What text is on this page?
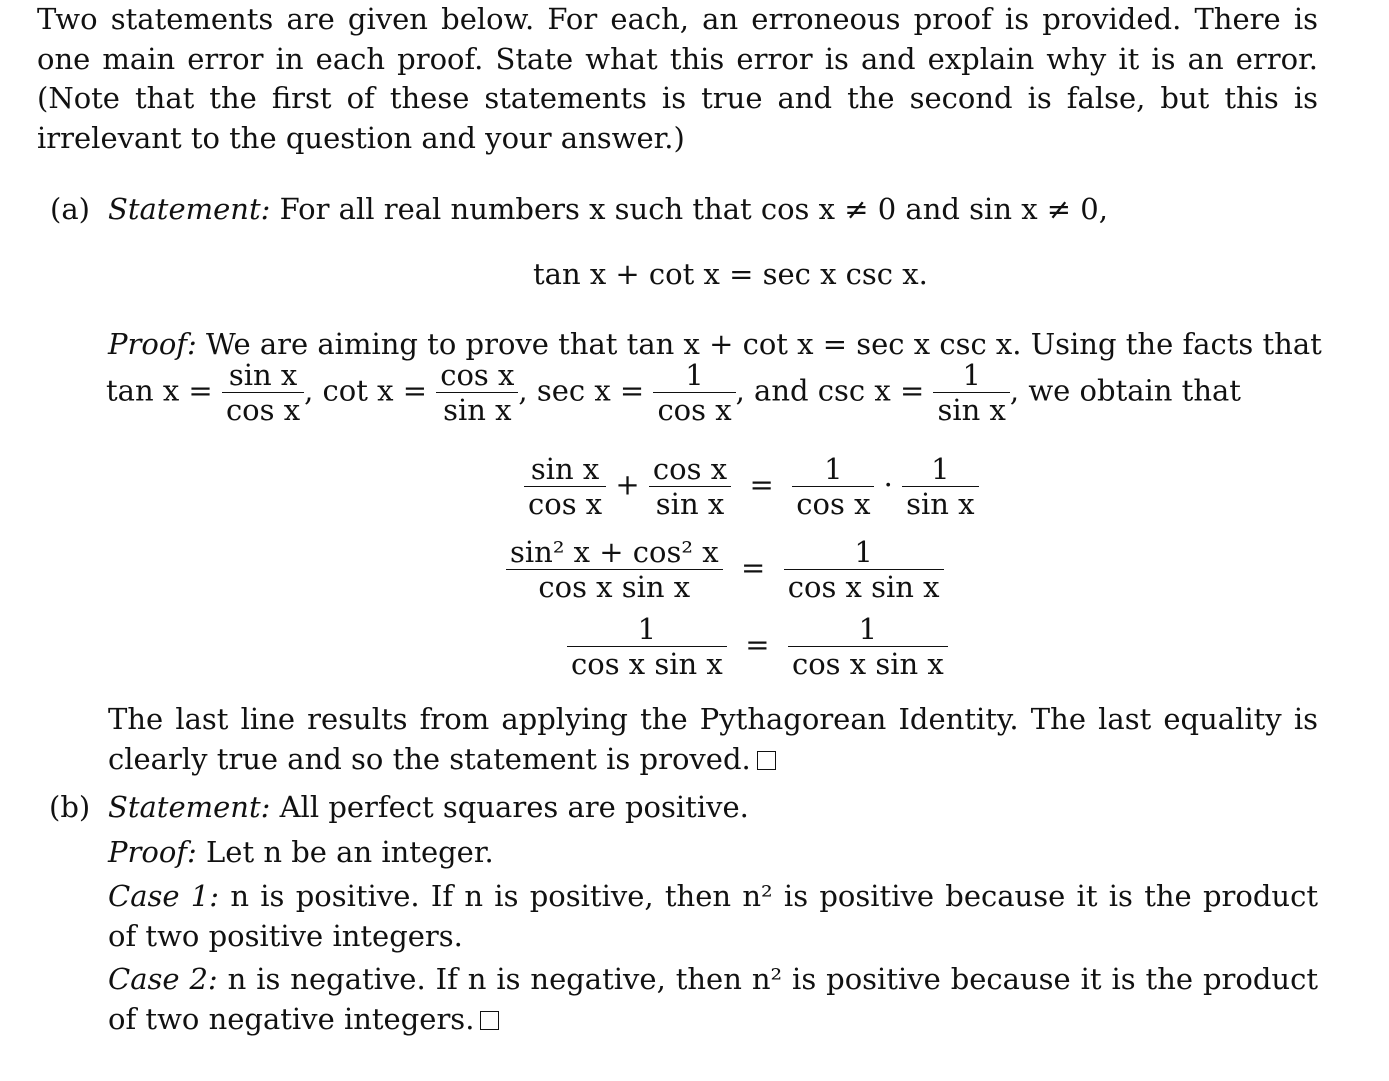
Two statements are given below. For each, an erroneous proof is provided. There is one main error in each proof. State what this error is and explain why it is an error. (Note that the first of these statements is true and the second is false, but this is irrelevant to the question and your answer.)
(a) Statement: For all real numbers x such that cos x ≠ 0 and sin x ≠ 0,
tan x + cot x = sec x csc x.
Proof: We are aiming to prove that tan x + cot x = sec x csc x. Using the facts that
$\tan x = \frac{\text{sin x}}{\text{cos x}}$ , $\cot x = \frac{\text{cos x}}{\text{sin x}}$ , $\sec x = \frac{1}{\text{cos x}}$ , and $\csc x = \frac{1}{\text{sin x}}$ , we obtain that
$\frac{\text{sin x}}{\text{cos x}} + \frac{\text{cos x}}{\text{sin x}} = \frac{1}{\text{cos x}} \cdot \frac{1}{\text{sin x}}$
$\frac{\text{sin² x + cos² x}}{\text{cos x sin x}} = \frac{1}{\text{cos x sin x}}$
$\frac{1}{\text{cos x sin x}} = \frac{1}{\text{cos x sin x}}$
The last line results from applying the Pythagorean Identity. The last equality is clearly true and so the statement is proved.
(b) Statement: All perfect squares are positive.
Proof: Let n be an integer.
Case 1: n is positive. If n is positive, then n² is positive because it is the product of two positive integers.
Case 2: n is negative. If n is negative, then n² is positive because it is the product of two negative integers.
